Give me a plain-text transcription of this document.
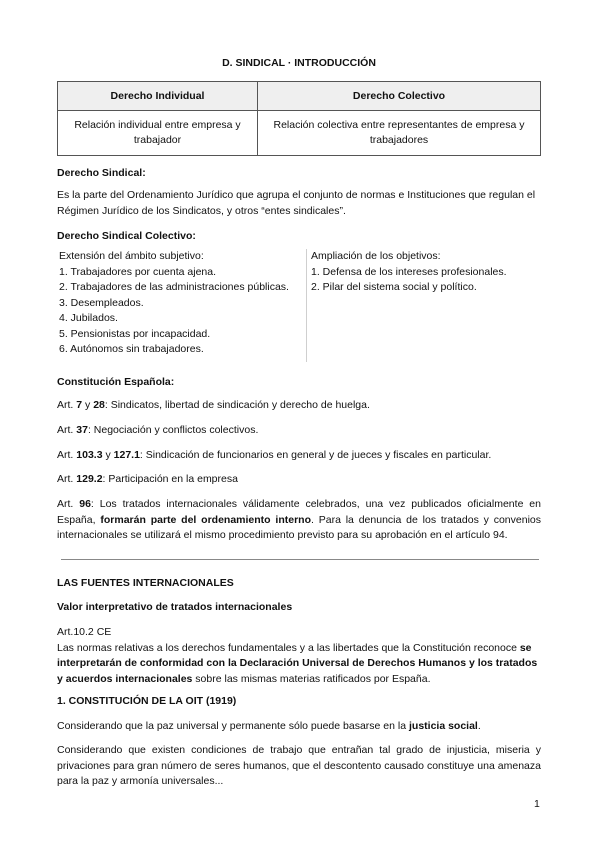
D. SINDICAL · INTRODUCCIÓN
Derecho Individual	Derecho Colectivo
Relación individual entre empresa y trabajador	Relación colectiva entre representantes de empresa y trabajadores
Derecho Sindical:
Es la parte del Ordenamiento Jurídico que agrupa el conjunto de normas e Instituciones que regulan el Régimen Jurídico de los Sindicatos, y otros “entes sindicales”.
Derecho Sindical Colectivo:
Extensión del ámbito subjetivo:
1. Trabajadores por cuenta ajena.
2. Trabajadores de las administraciones públicas.
3. Desempleados.
4. Jubilados.
5. Pensionistas por incapacidad.
6. Autónomos sin trabajadores.
Ampliación de los objetivos:
1. Defensa de los intereses profesionales.
2. Pilar del sistema social y político.
Constitución Española:
Art. 7 y 28: Sindicatos, libertad de sindicación y derecho de huelga.
Art. 37: Negociación y conflictos colectivos.
Art. 103.3 y 127.1: Sindicación de funcionarios en general y de jueces y fiscales en particular.
Art. 129.2: Participación en la empresa
Art. 96: Los tratados internacionales válidamente celebrados, una vez publicados oficialmente en España, formarán parte del ordenamiento interno. Para la denuncia de los tratados y convenios internacionales se utilizará el mismo procedimiento previsto para su aprobación en el artículo 94.
LAS FUENTES INTERNACIONALES
Valor interpretativo de tratados internacionales
Art.10.2 CE
Las normas relativas a los derechos fundamentales y a las libertades que la Constitución reconoce se interpretarán de conformidad con la Declaración Universal de Derechos Humanos y los tratados y acuerdos internacionales sobre las mismas materias ratificados por España.
1. CONSTITUCIÓN DE LA OIT (1919)
Considerando que la paz universal y permanente sólo puede basarse en la justicia social.
Considerando que existen condiciones de trabajo que entrañan tal grado de injusticia, miseria y privaciones para gran número de seres humanos, que el descontento causado constituye una amenaza para la paz y armonía universales...
1
